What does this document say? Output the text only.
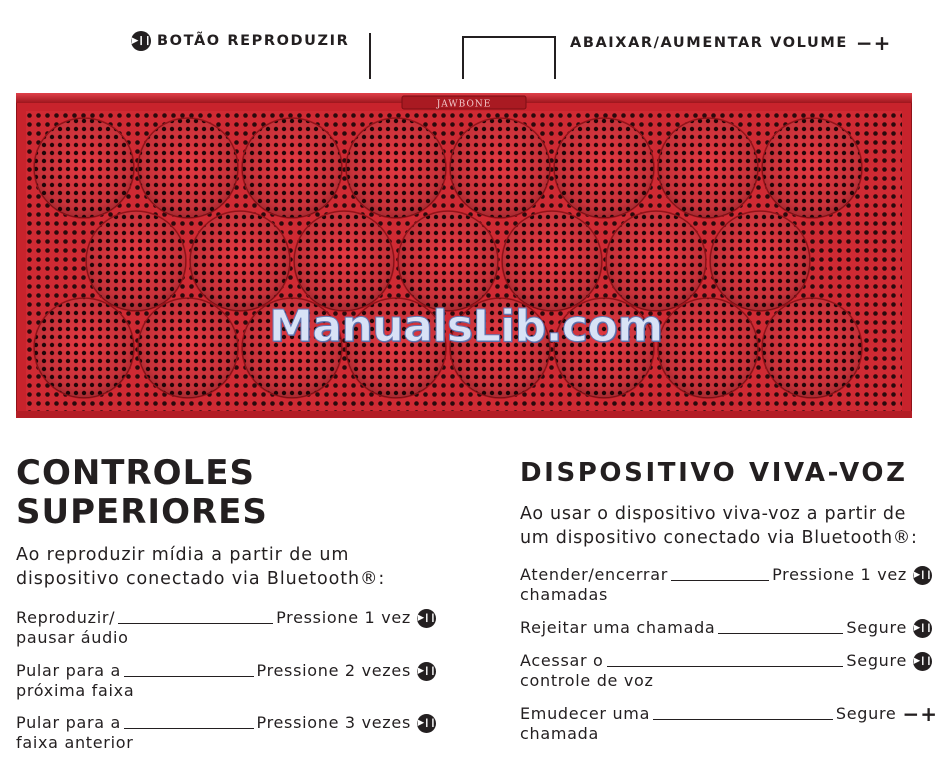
▶❙❙ BOTÃO REPRODUZIR	ABAIXAR/AUMENTAR VOLUME −+
JAWBONE
ManualsLib.com
CONTROLES
SUPERIORES
Ao reproduzir mídia a partir de um
dispositivo conectado via Bluetooth®:
Reproduzir/	Pressione 1 vez ▶❙❙
pausar áudio
Pular para a	Pressione 2 vezes ▶❙❙
próxima faixa
Pular para a	Pressione 3 vezes ▶❙❙
faixa anterior
DISPOSITIVO VIVA-VOZ
Ao usar o dispositivo viva-voz a partir de
um dispositivo conectado via Bluetooth®:
Atender/encerrar	Pressione 1 vez ▶❙❙
chamadas
Rejeitar uma chamada	Segure ▶❙❙
Acessar o	Segure ▶❙❙
controle de voz
Emudecer uma	Segure −+
chamada
